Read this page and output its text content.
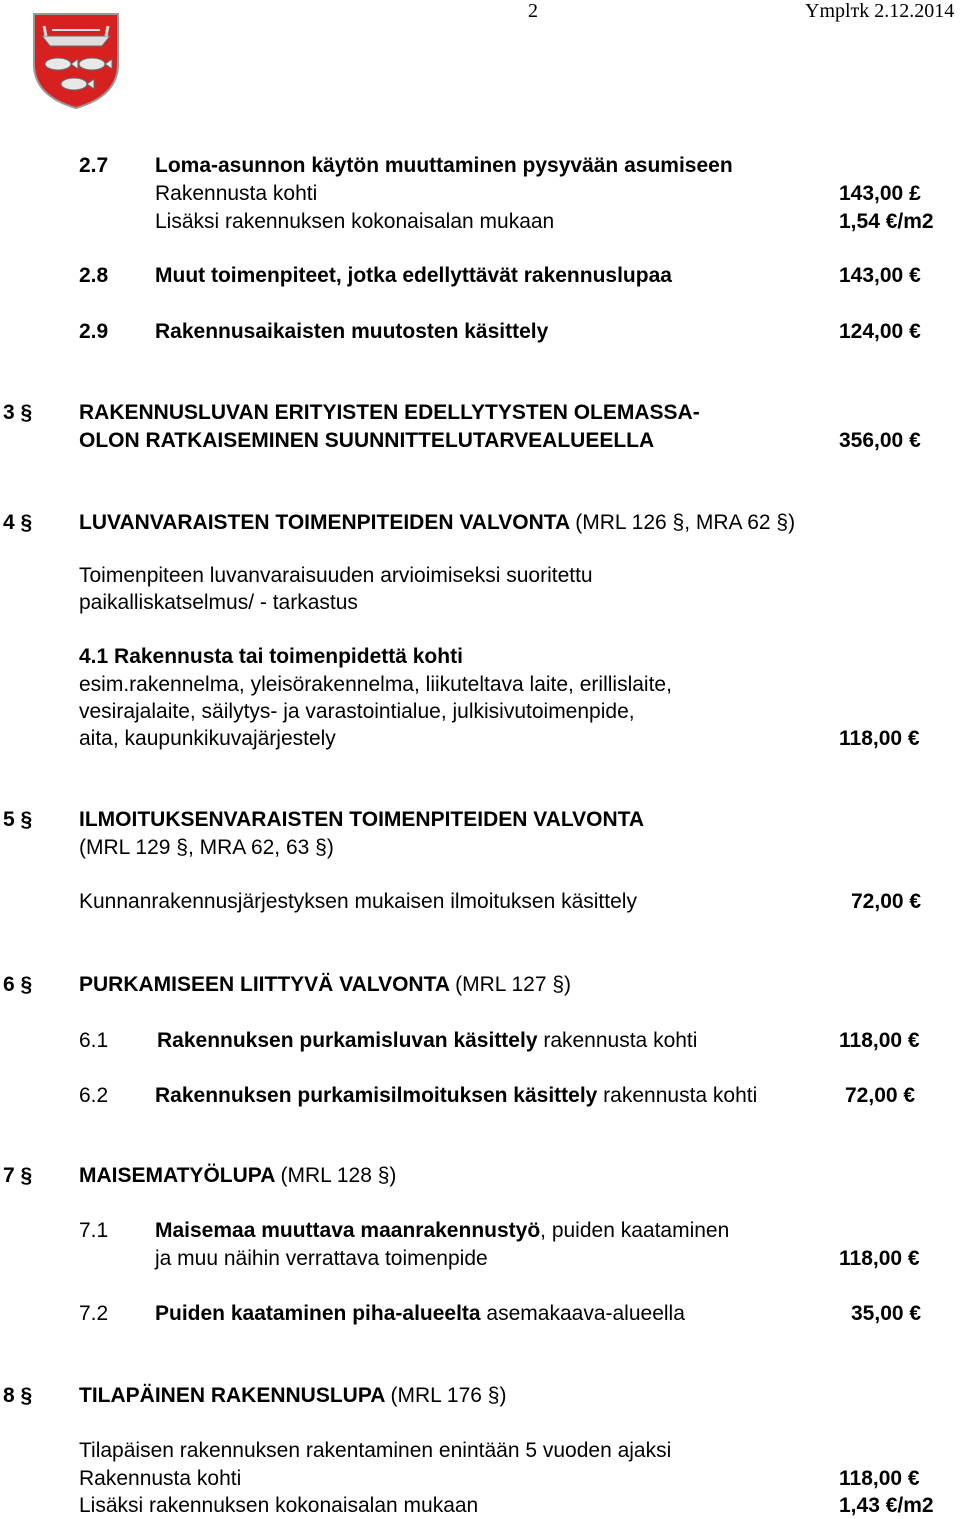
2	Ymplтk 2.12.2014
2.7 Loma-asunnon käytön muuttaminen pysyvään asumiseen
Rakennusta kohti	143,00 £
Lisäksi rakennuksen kokonaisalan mukaan	1,54 €/m2
2.8 Muut toimenpiteet, jotka edellyttävät rakennuslupaa	143,00 €
2.9 Rakennusaikaisten muutosten käsittely	124,00 €
3 § RAKENNUSLUVAN ERITYISTEN EDELLYTYSTEN OLEMASSA-
OLON RATKAISEMINEN SUUNNITTELUTARVEALUEELLA	356,00 €
4 § LUVANVARAISTEN TOIMENPITEIDEN VALVONTA (MRL 126 §, MRA 62 §)
Toimenpiteen luvanvaraisuuden arvioimiseksi suoritettu
paikalliskatselmus/ - tarkastus
4.1 Rakennusta tai toimenpidettä kohti
esim.rakennelma, yleisörakennelma, liikuteltava laite, erillislaite,
vesirajalaite, säilytys- ja varastointialue, julkisivutoimenpide,
aita, kaupunkikuvajärjestely	118,00 €
5 § ILMOITUKSENVARAISTEN TOIMENPITEIDEN VALVONTA
(MRL 129 §, MRA 62, 63 §)
Kunnanrakennusjärjestyksen mukaisen ilmoituksen käsittely	72,00 €
6 § PURKAMISEEN LIITTYVÄ VALVONTA (MRL 127 §)
6.1 Rakennuksen purkamisluvan käsittely rakennusta kohti	118,00 €
6.2 Rakennuksen purkamisilmoituksen käsittely rakennusta kohti	72,00 €
7 § MAISEMATYÖLUPA (MRL 128 §)
7.1 Maisemaa muuttava maanrakennustyö, puiden kaataminen
ja muu näihin verrattava toimenpide	118,00 €
7.2 Puiden kaataminen piha-alueelta asemakaava-alueella	35,00 €
8 § TILAPÄINEN RAKENNUSLUPA (MRL 176 §)
Tilapäisen rakennuksen rakentaminen enintään 5 vuoden ajaksi
Rakennusta kohti	118,00 €
Lisäksi rakennuksen kokonaisalan mukaan	1,43 €/m2
